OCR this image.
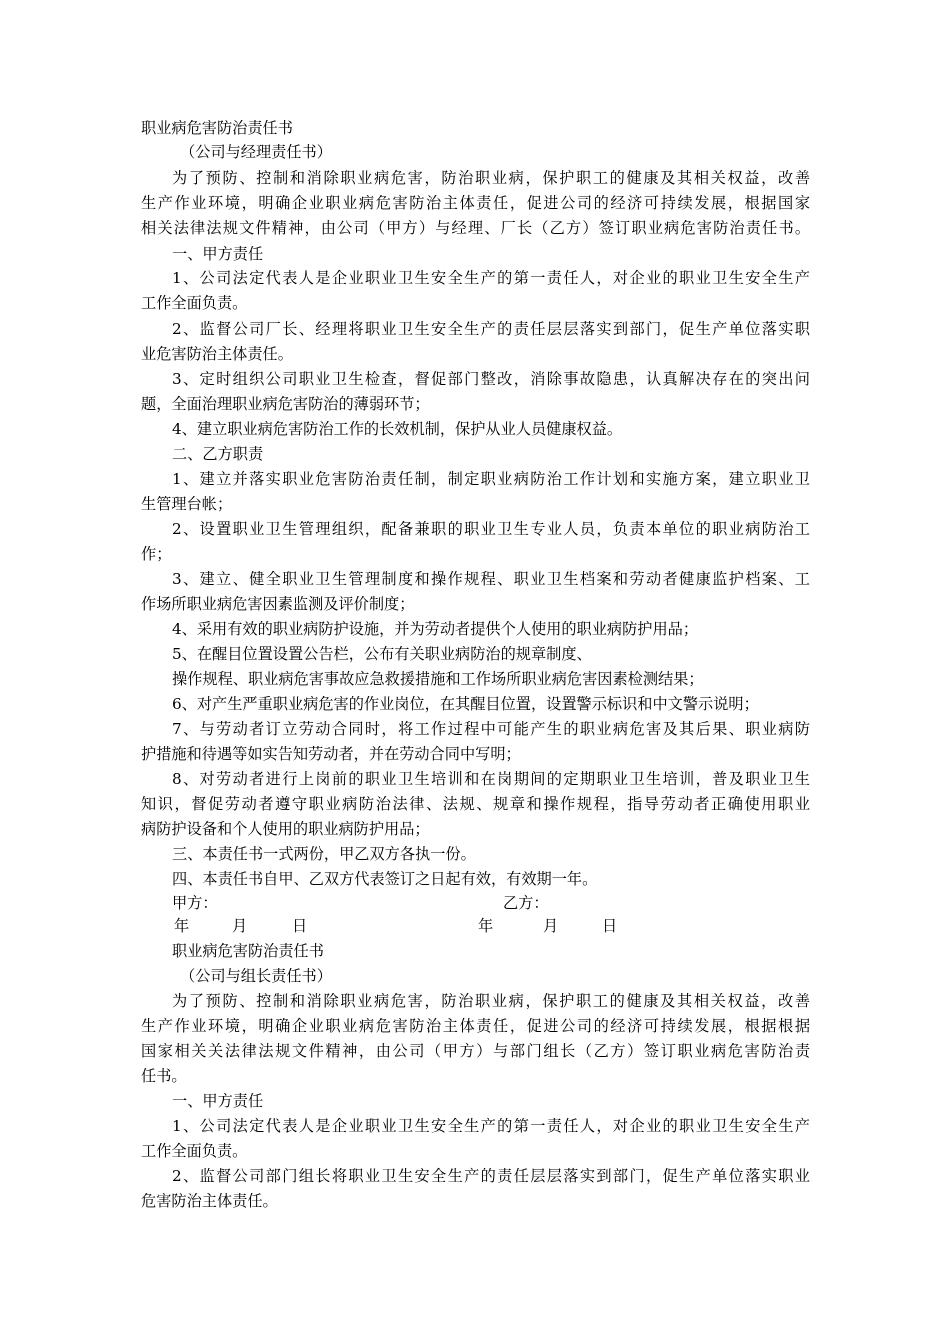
职业病危害防治责任书
（公司与经理责任书）
为了预防、控制和消除职业病危害，防治职业病，保护职工的健康及其相关权益，改善
生产作业环境，明确企业职业病危害防治主体责任，促进公司的经济可持续发展，根据国家
相关法律法规文件精神，由公司（甲方）与经理、厂长（乙方）签订职业病危害防治责任书。
一、甲方责任
1、公司法定代表人是企业职业卫生安全生产的第一责任人，对企业的职业卫生安全生产
工作全面负责。
2、监督公司厂长、经理将职业卫生安全生产的责任层层落实到部门，促生产单位落实职
业危害防治主体责任。
3、定时组织公司职业卫生检查，督促部门整改，消除事故隐患，认真解决存在的突出问
题，全面治理职业病危害防治的薄弱环节；
4、建立职业病危害防治工作的长效机制，保护从业人员健康权益。
二、乙方职责
1、建立并落实职业危害防治责任制，制定职业病防治工作计划和实施方案，建立职业卫
生管理台帐；
2、设置职业卫生管理组织，配备兼职的职业卫生专业人员，负责本单位的职业病防治工
作；
3、建立、健全职业卫生管理制度和操作规程、职业卫生档案和劳动者健康监护档案、工
作场所职业病危害因素监测及评价制度；
4、采用有效的职业病防护设施，并为劳动者提供个人使用的职业病防护用品；
5、在醒目位置设置公告栏，公布有关职业病防治的规章制度、
操作规程、职业病危害事故应急救援措施和工作场所职业病危害因素检测结果；
6、对产生严重职业病危害的作业岗位，在其醒目位置，设置警示标识和中文警示说明；
7、与劳动者订立劳动合同时，将工作过程中可能产生的职业病危害及其后果、职业病防
护措施和待遇等如实告知劳动者，并在劳动合同中写明；
8、对劳动者进行上岗前的职业卫生培训和在岗期间的定期职业卫生培训，普及职业卫生
知识，督促劳动者遵守职业病防治法律、法规、规章和操作规程，指导劳动者正确使用职业
病防护设备和个人使用的职业病防护用品；
三、本责任书一式两份，甲乙双方各执一份。
四、本责任书自甲、乙双方代表签订之日起有效，有效期一年。
甲方：	乙方：
年	月	日	年	月	日
职业病危害防治责任书
（公司与组长责任书）
为了预防、控制和消除职业病危害，防治职业病，保护职工的健康及其相关权益，改善
生产作业环境，明确企业职业病危害防治主体责任，促进公司的经济可持续发展，根据根据
国家相关关法律法规文件精神，由公司（甲方）与部门组长（乙方）签订职业病危害防治责
任书。
一、甲方责任
1、公司法定代表人是企业职业卫生安全生产的第一责任人，对企业的职业卫生安全生产
工作全面负责。
2、监督公司部门组长将职业卫生安全生产的责任层层落实到部门，促生产单位落实职业
危害防治主体责任。
